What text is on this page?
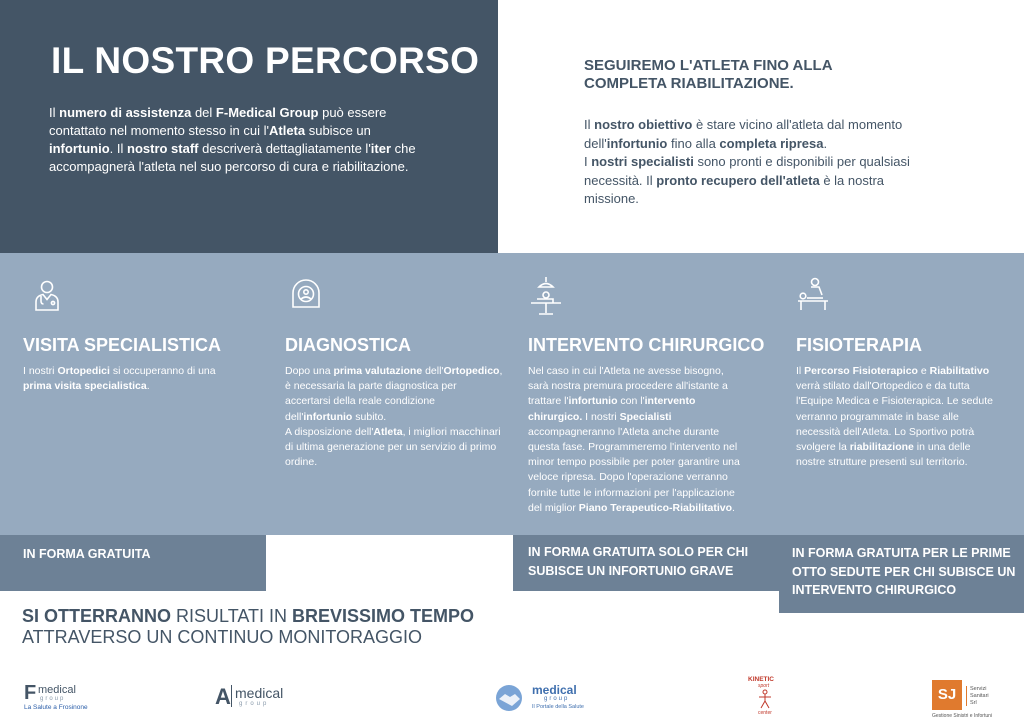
IL NOSTRO PERCORSO
Il numero di assistenza del F-Medical Group può essere contattato nel momento stesso in cui l'Atleta subisce un infortunio. Il nostro staff descriverà dettagliatamente l'iter che accompagnerà l'atleta nel suo percorso di cura e riabilitazione.
SEGUIREMO L'ATLETA FINO ALLA COMPLETA RIABILITAZIONE.
Il nostro obiettivo è stare vicino all'atleta dal momento dell'infortunio fino alla completa ripresa.
I nostri specialisti sono pronti e disponibili per qualsiasi necessità. Il pronto recupero dell'atleta è la nostra missione.
VISITA SPECIALISTICA
I nostri Ortopedici si occuperanno di una prima visita specialistica.
DIAGNOSTICA
Dopo una prima valutazione dell'Ortopedico, è necessaria la parte diagnostica per accertarsi della reale condizione dell'infortunio subito.
A disposizione dell'Atleta, i migliori macchinari di ultima generazione per un servizio di primo ordine.
INTERVENTO CHIRURGICO
Nel caso in cui l'Atleta ne avesse bisogno, sarà nostra premura procedere all'istante a trattare l'infortunio con l'intervento chirurgico. I nostri Specialisti accompagneranno l'Atleta anche durante questa fase. Programmeremo l'intervento nel minor tempo possibile per poter garantire una veloce ripresa. Dopo l'operazione verranno fornite tutte le informazioni per l'applicazione del miglior Piano Terapeutico-Riabilitativo.
FISIOTERAPIA
Il Percorso Fisioterapico e Riabilitativo verrà stilato dall'Ortopedico e da tutta l'Equipe Medica e Fisioterapica. Le sedute verranno programmate in base alle necessità dell'Atleta. Lo Sportivo potrà svolgere la riabilitazione in una delle nostre strutture presenti sul territorio.
IN FORMA GRATUITA	IN FORMA GRATUITA SOLO PER CHI SUBISCE UN INFORTUNIO GRAVE
IN FORMA GRATUITA PER LE PRIME OTTO SEDUTE PER CHI SUBISCE UN INTERVENTO CHIRURGICO
SI OTTERRANNO RISULTATI IN BREVISSIMO TEMPO
ATTRAVERSO UN CONTINUO MONITORAGGIO
F medical
group
La Salute a Frosinone	A medical
group
medical
group
Il Portale della Salute
KINETIC
sport
center
SJ	Servizi Sanitari Srl
Gestione Sinistri e Infortuni
